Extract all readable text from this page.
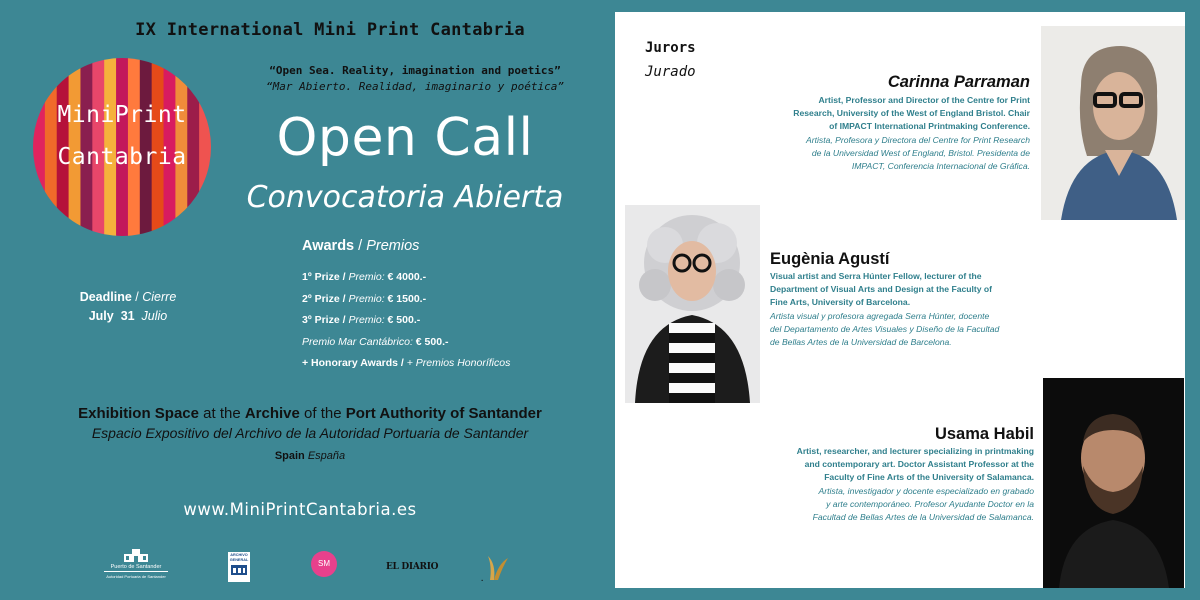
IX International Mini Print Cantabria
MiniPrint
Cantabria
“Open Sea. Reality, imagination and poetics”
“Mar Abierto. Realidad, imaginario y poética”
Open Call
Convocatoria Abierta
Deadline / Cierre
July 31 Julio
Awards / Premios
1º Prize / Premio: € 4000.-
2º Prize / Premio: € 1500.-
3º Prize / Premio: € 500.-
Premio Mar Cantábrico: € 500.-
+ Honorary Awards / + Premios Honoríficos
Exhibition Space at the Archive of the Port Authority of Santander
Espacio Expositivo del Archivo de la Autoridad Portuaria de Santander
Spain España
www.MiniPrintCantabria.es
Puerto de Santander
Autoridad Portuaria de Santander
ARCHIVO GENERAL	SM	EL DIARIO
.
Jurors
Jurado
Carinna Parraman
Artist, Professor and Director of the Centre for Print
Research, University of the West of England Bristol. Chair
of IMPACT International Printmaking Conference.
Artista, Profesora y Directora del Centre for Print Research
de la Universidad West of England, Bristol. Presidenta de
IMPACT, Conferencia Internacional de Gráfica.
Eugènia Agustí
Visual artist and Serra Húnter Fellow, lecturer of the
Department of Visual Arts and Design at the Faculty of
Fine Arts, University of Barcelona.
Artista visual y profesora agregada Serra Húnter, docente
del Departamento de Artes Visuales y Diseño de la Facultad
de Bellas Artes de la Universidad de Barcelona.
Usama Habil
Artist, researcher, and lecturer specializing in printmaking
and contemporary art. Doctor Assistant Professor at the
Faculty of Fine Arts of the University of Salamanca.
Artista, investigador y docente especializado en grabado
y arte contemporáneo. Profesor Ayudante Doctor en la
Facultad de Bellas Artes de la Universidad de Salamanca.
